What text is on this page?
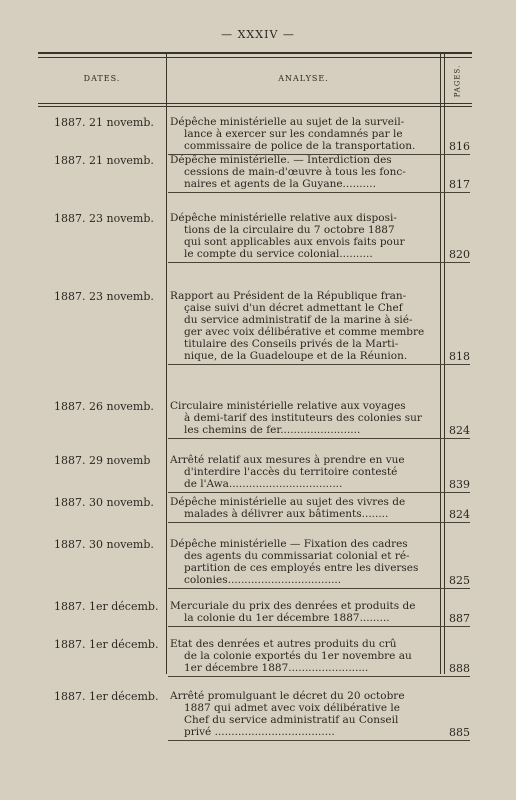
— XXXIV —
DATES.	ANALYSE.	PAGES.
1887. 21 novemb.	Dépêche ministérielle au sujet de la surveil-
lance à exercer sur les condamnés par le
commissaire de police de la transportation.	816
1887. 21 novemb.	Dépêche ministérielle. — Interdiction des
cessions de main-d'œuvre à tous les fonc-
naires et agents de la Guyane..........	817
1887. 23 novemb.	Dépêche ministérielle relative aux disposi-
tions de la circulaire du 7 octobre 1887
qui sont applicables aux envois faits pour
le compte du service colonial..........	820
1887. 23 novemb.	Rapport au Président de la République fran-
çaise suivi d'un décret admettant le Chef
du service administratif de la marine à sié-
ger avec voix délibérative et comme membre
titulaire des Conseils privés de la Marti-
nique, de la Guadeloupe et de la Réunion.	818
1887. 26 novemb.	Circulaire ministérielle relative aux voyages
à demi-tarif des instituteurs des colonies sur
les chemins de fer........................	824
1887. 29 novemb	Arrêté relatif aux mesures à prendre en vue
d'interdire l'accès du territoire contesté
de l'Awa..................................	839
1887. 30 novemb.	Dépêche ministérielle au sujet des vivres de
malades à délivrer aux bâtiments........	824
1887. 30 novemb.	Dépêche ministérielle — Fixation des cadres
des agents du commissariat colonial et ré-
partition de ces employés entre les diverses
colonies..................................	825
1887. 1er décemb.	Mercuriale du prix des denrées et produits de
la colonie du 1er décembre 1887.........	887
1887. 1er décemb.	Etat des denrées et autres produits du crû
de la colonie exportés du 1er novembre au
1er décembre 1887........................	888
1887. 1er décemb.	Arrêté promulguant le décret du 20 octobre
1887 qui admet avec voix délibérative le
Chef du service administratif au Conseil
privé ....................................	885
